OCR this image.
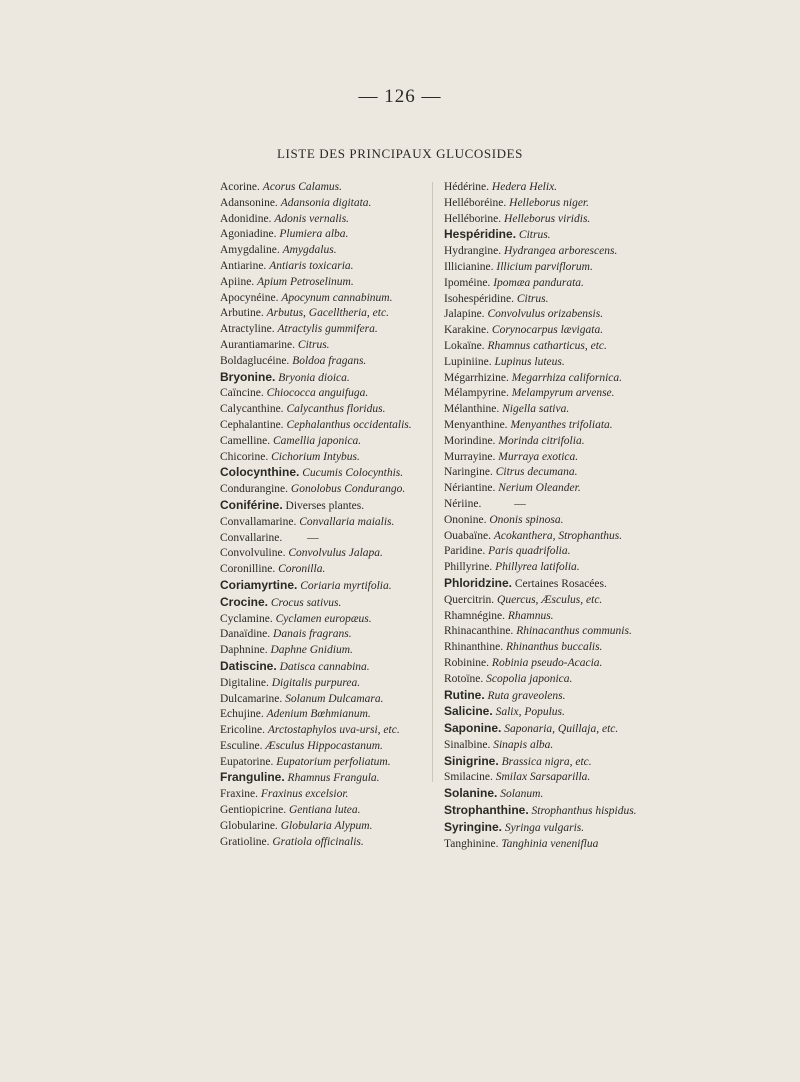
— 126 —
LISTE DES PRINCIPAUX GLUCOSIDES
Acorine. Acorus Calamus.
Adansonine. Adansonia digitata.
Adonidine. Adonis vernalis.
Agoniadine. Plumiera alba.
Amygdaline. Amygdalus.
Antiarine. Antiaris toxicaria.
Apiine. Apium Petroselinum.
Apocynéine. Apocynum cannabinum.
Arbutine. Arbutus, Gacelltheria, etc.
Atractyline. Atractylis gummifera.
Aurantiamarine. Citrus.
Boldaglucéine. Boldoa fragans.
Bryonine. Bryonia dioica.
Caïncine. Chiococca anguifuga.
Calycanthine. Calycanthus floridus.
Cephalantine. Cephalanthus occidentalis.
Camelline. Camellia japonica.
Chicorine. Cichorium Intybus.
Colocynthine. Cucumis Colocynthis.
Condurangine. Gonolobus Condurango.
Coniférine. Diverses plantes.
Convallamarine. Convallaria maialis.
Convallarine. —
Convolvuline. Convolvulus Jalapa.
Coronilline. Coronilla.
Coriamyrtine. Coriaria myrtifolia.
Crocine. Crocus sativus.
Cyclamine. Cyclamen europæus.
Danaïdine. Danais fragrans.
Daphnine. Daphne Gnidium.
Datiscine. Datisca cannabina.
Digitaline. Digitalis purpurea.
Dulcamarine. Solanum Dulcamara.
Echujine. Adenium Bœhmianum.
Ericoline. Arctostaphylos uva-ursi, etc.
Esculine. Æsculus Hippocastanum.
Eupatorine. Eupatorium perfoliatum.
Franguline. Rhamnus Frangula.
Fraxine. Fraxinus excelsior.
Gentiopicrine. Gentiana lutea.
Globularine. Globularia Alypum.
Gratioline. Gratiola officinalis.
Hédérine. Hedera Helix.
Helléboréine. Helleborus niger.
Helléborine. Helleborus viridis.
Hespéridine. Citrus.
Hydrangine. Hydrangea arborescens.
Illicianine. Illicium parviflorum.
Ipoméine. Ipomæa pandurata.
Isohespéridine. Citrus.
Jalapine. Convolvulus orizabensis.
Karakine. Corynocarpus lævigata.
Lokaïne. Rhamnus catharticus, etc.
Lupiniine. Lupinus luteus.
Mégarrhizine. Megarrhiza californica.
Mélampyrine. Melampyrum arvense.
Mélanthine. Nigella sativa.
Menyanthine. Menyanthes trifoliata.
Morindine. Morinda citrifolia.
Murrayine. Murraya exotica.
Naringine. Citrus decumana.
Nériantine. Nerium Oleander.
Nériine.	—
Ononine. Ononis spinosa.
Ouabaïne. Acokanthera, Strophanthus.
Paridine. Paris quadrifolia.
Phillyrine. Phillyrea latifolia.
Phloridzine. Certaines Rosacées.
Quercitrin. Quercus, Æsculus, etc.
Rhamnégine. Rhamnus.
Rhinacanthine. Rhinacanthus communis.
Rhinanthine. Rhinanthus buccalis.
Robinine. Robinia pseudo-Acacia.
Rotoïne. Scopolia japonica.
Rutine. Ruta graveolens.
Salicine. Salix, Populus.
Saponine. Saponaria, Quillaja, etc.
Sinalbine. Sinapis alba.
Sinigrine. Brassica nigra, etc.
Smilacine. Smilax Sarsaparilla.
Solanine. Solanum.
Strophanthine. Strophanthus hispidus.
Syringine. Syringa vulgaris.
Tanghinine. Tanghinia veneniflua
